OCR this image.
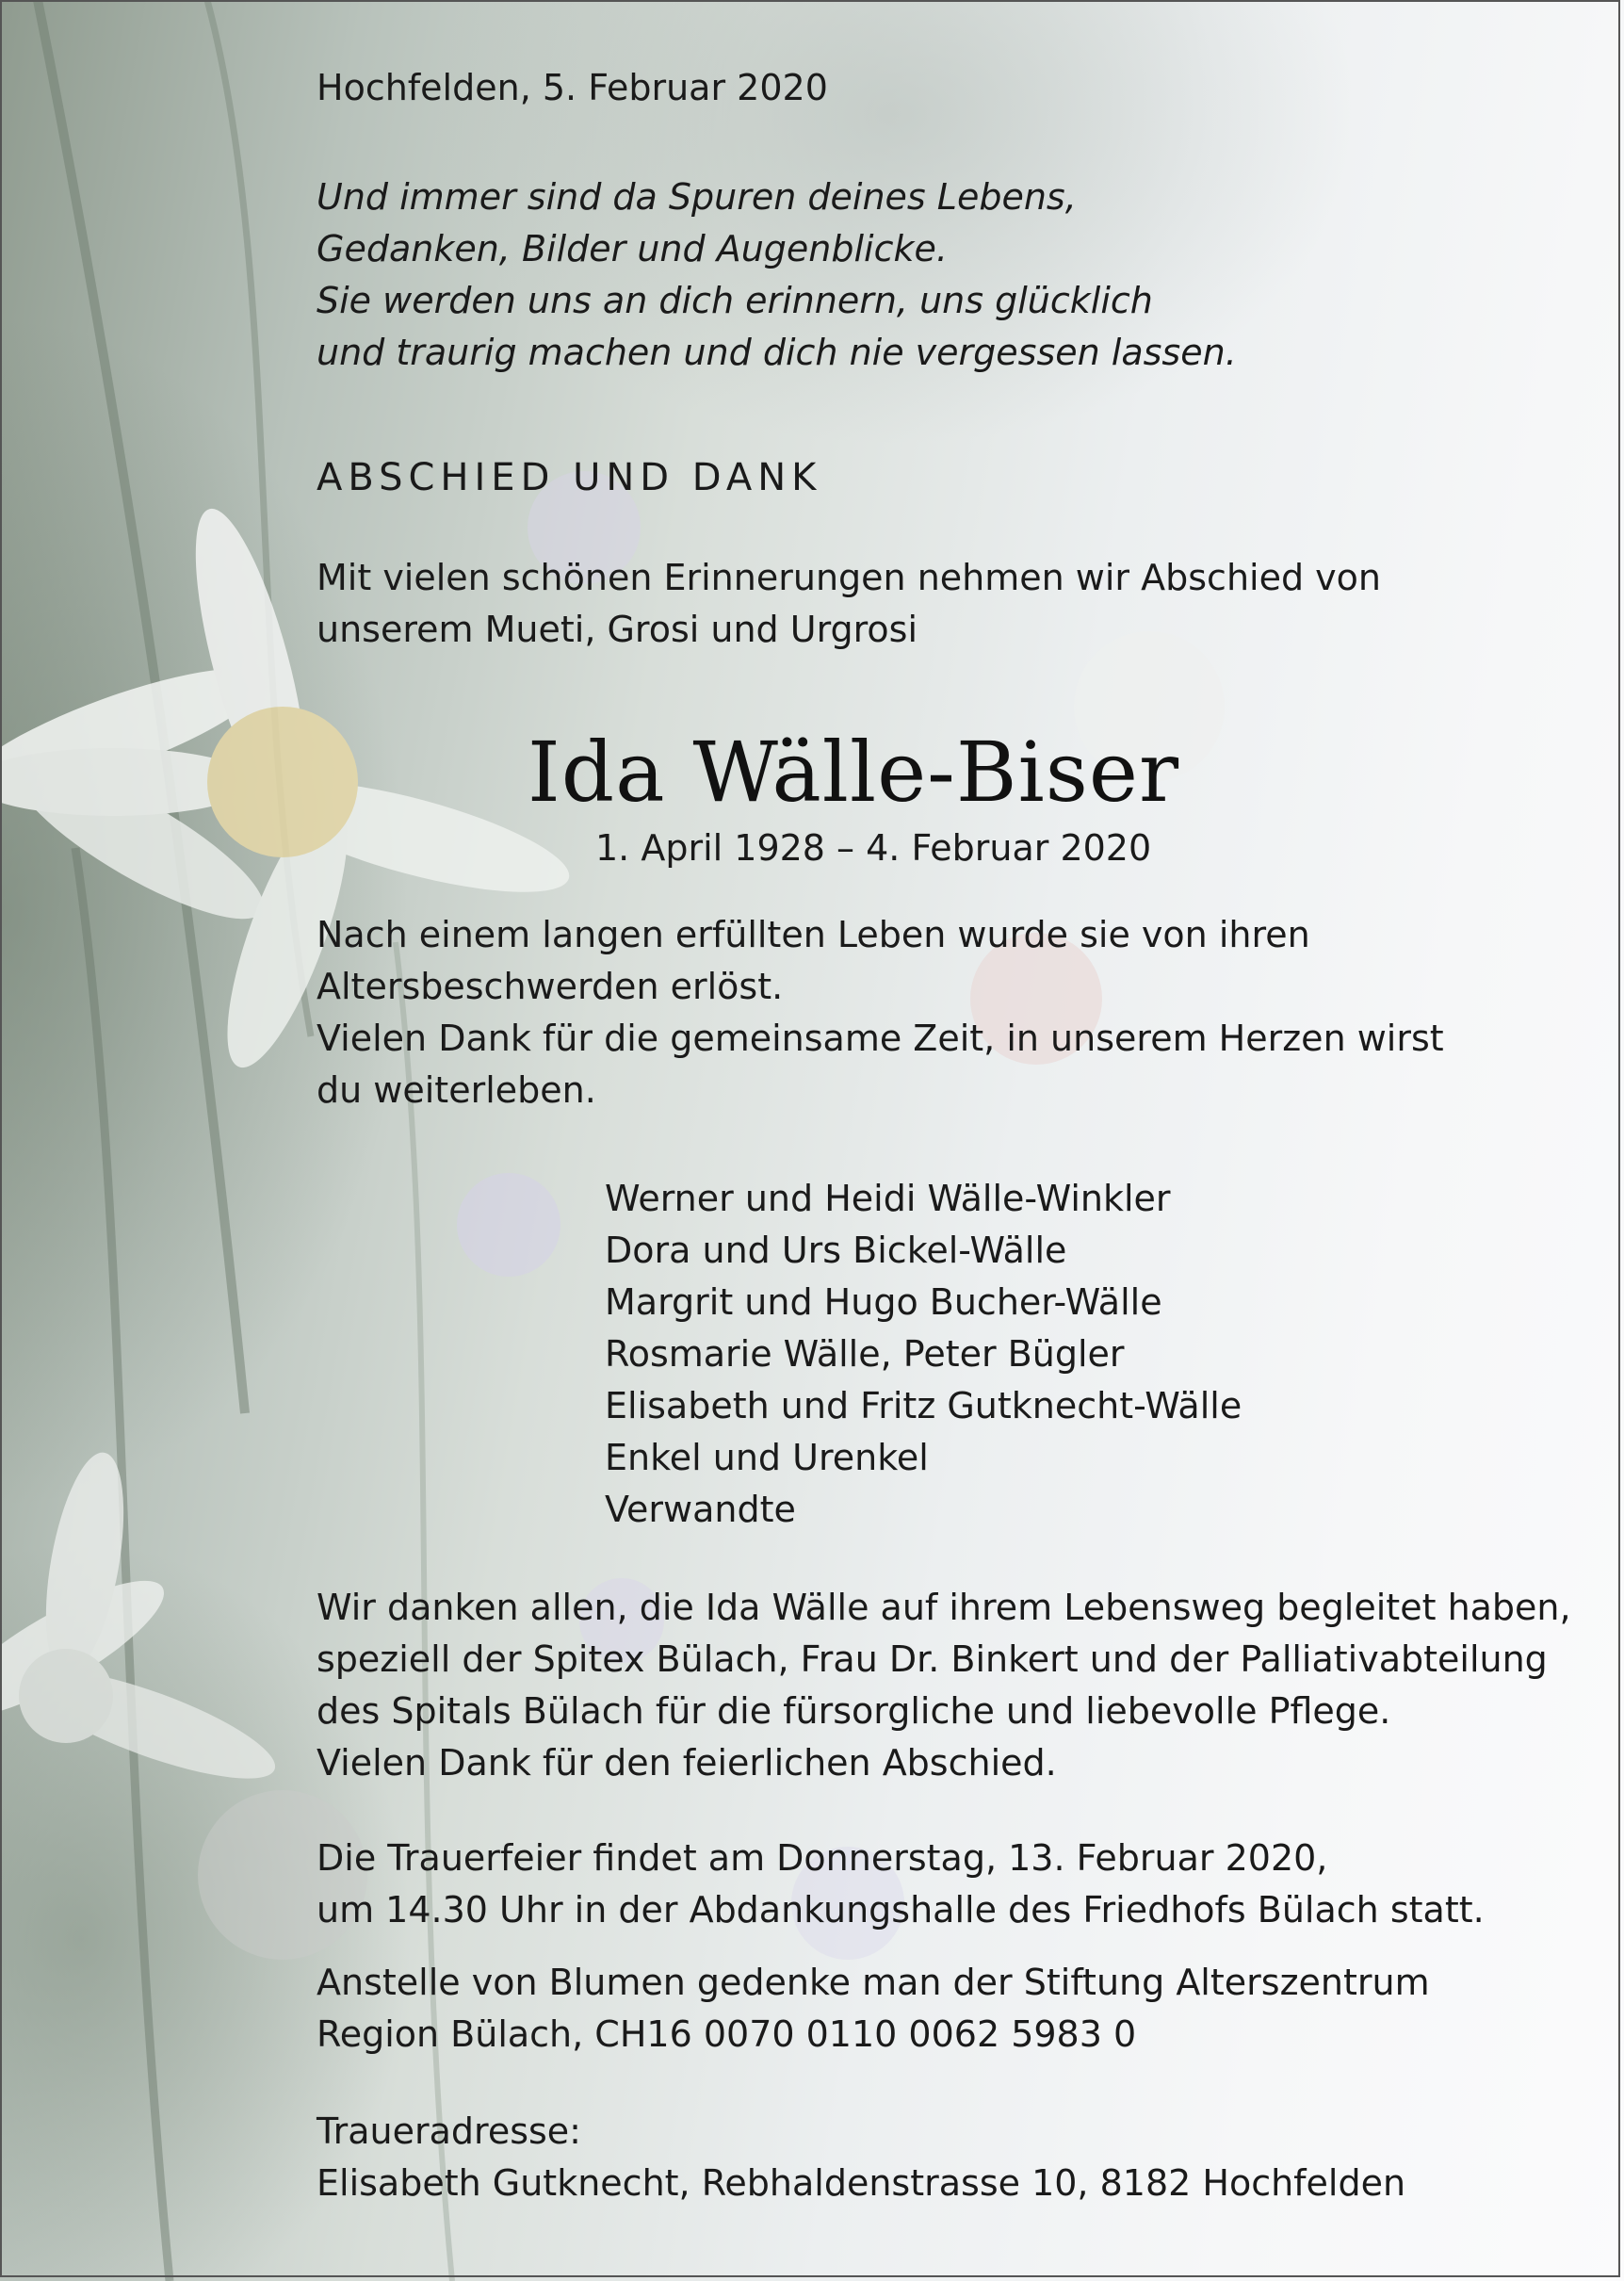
Hochfelden, 5. Februar 2020

Und immer sind da Spuren deines Lebens,

Gedanken, Bilder und Augenblicke.

Sie werden uns an dich erinnern, uns glücklich

und traurig machen und dich nie vergessen lassen.

ABSCHIED UND DANK

Mit vielen schönen Erinnerungen nehmen wir Abschied von

unserem Mueti, Grosi und Urgrosi

Ida Wälle-Biser
1. April 1928 – 4. Februar 2020

Nach einem langen erfüllten Leben wurde sie von ihren

Altersbeschwerden erlöst.

Vielen Dank für die gemeinsame Zeit, in unserem Herzen wirst

du weiterleben.

Werner und Heidi Wälle-Winkler

Dora und Urs Bickel-Wälle

Margrit und Hugo Bucher-Wälle

Rosmarie Wälle, Peter Bügler

Elisabeth und Fritz Gutknecht-Wälle

Enkel und Urenkel

Verwandte

Wir danken allen, die Ida Wälle auf ihrem Lebensweg begleitet haben,

speziell der Spitex Bülach, Frau Dr. Binkert und der Palliativabteilung

des Spitals Bülach für die fürsorgliche und liebevolle Pflege.

Vielen Dank für den feierlichen Abschied.

Die Trauerfeier findet am Donnerstag, 13. Februar 2020,

um 14.30 Uhr in der Abdankungshalle des Friedhofs Bülach statt.

Anstelle von Blumen gedenke man der Stiftung Alterszentrum

Region Bülach, CH16 0070 0110 0062 5983 0

Traueradresse:

Elisabeth Gutknecht, Rebhaldenstrasse 10, 8182 Hochfelden
